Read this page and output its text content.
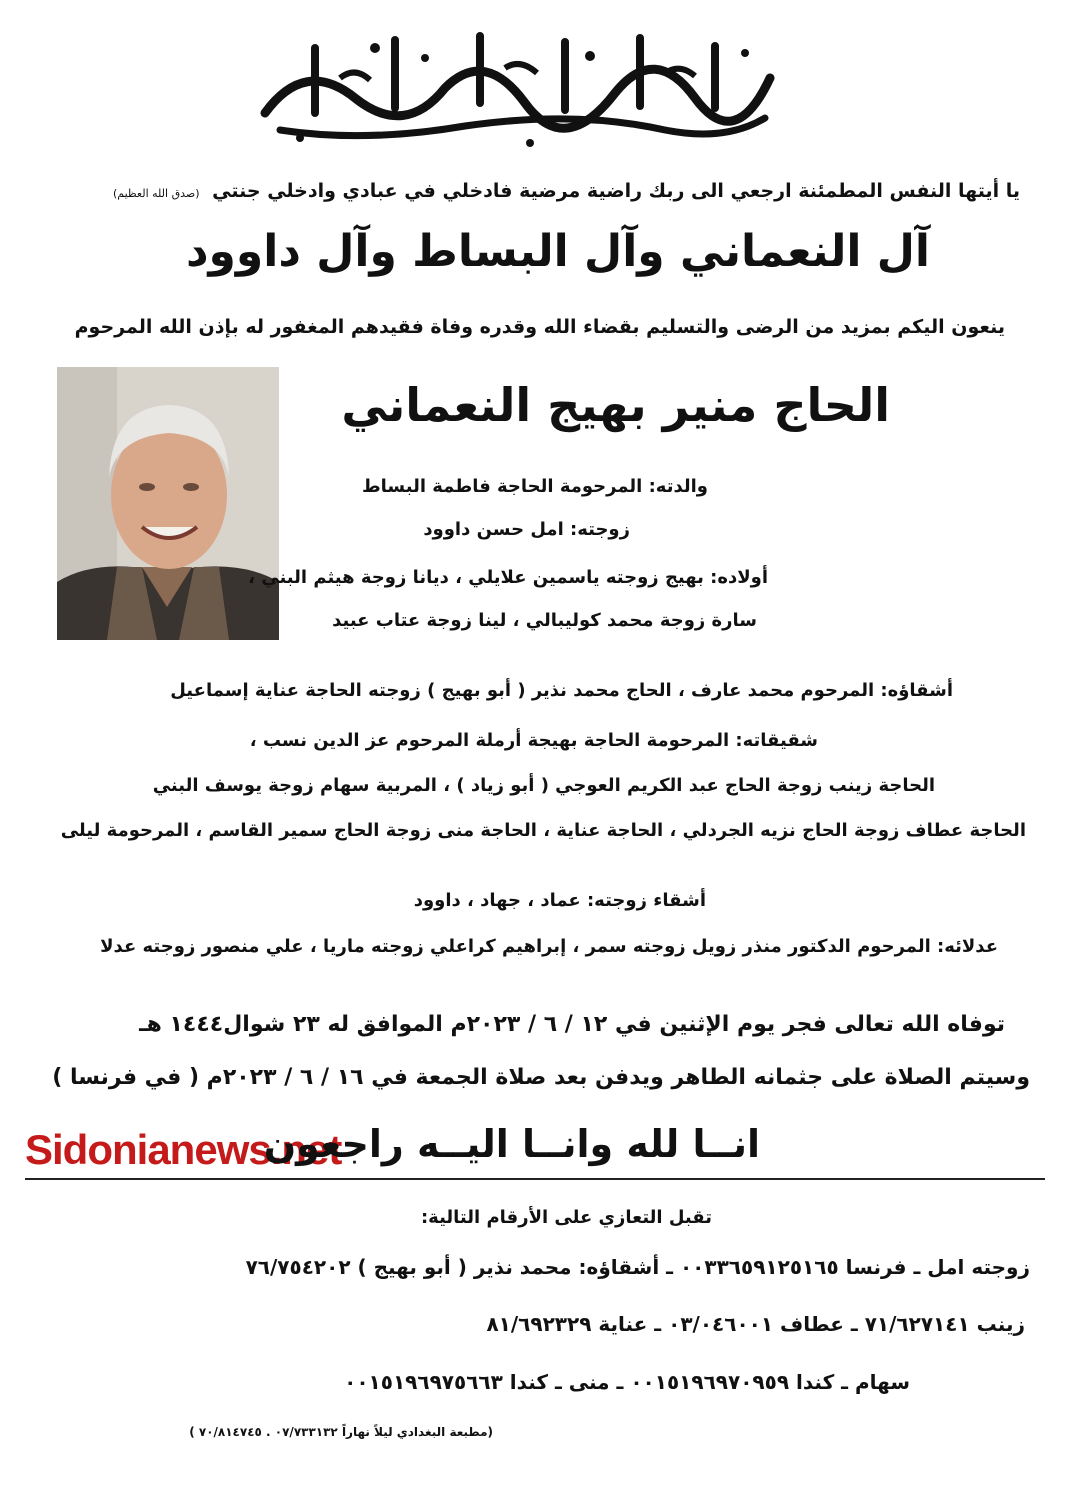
يا أيتها النفس المطمئنة ارجعي الى ربك راضية مرضية فادخلي في عبادي وادخلي جنتي (صدق الله العظيم)
آل النعماني وآل البساط وآل داوود
ينعون اليكم بمزيد من الرضى والتسليم بقضاء الله وقدره وفاة فقيدهم المغفور له بإذن الله المرحوم
الحاج منير بهيج النعماني
والدته: المرحومة الحاجة فاطمة البساط
زوجته: امل حسن داوود
أولاده: بهيج زوجته ياسمين علايلي ، ديانا زوجة هيثم البني ،
سارة زوجة محمد كوليبالي ، لينا زوجة عتاب عبيد
أشقاؤه: المرحوم محمد عارف ، الحاج محمد نذير ( أبو بهيج ) زوجته الحاجة عناية إسماعيل
شقيقاته: المرحومة الحاجة بهيجة أرملة المرحوم عز الدين نسب ،
الحاجة زينب زوجة الحاج عبد الكريم العوجي ( أبو زياد ) ، المربية سهام زوجة يوسف البني
الحاجة عطاف زوجة الحاج نزيه الجردلي ، الحاجة عناية ، الحاجة منى زوجة الحاج سمير القاسم ، المرحومة ليلى
أشقاء زوجته: عماد ، جهاد ، داوود
عدلائه: المرحوم الدكتور منذر زويل زوجته سمر ، إبراهيم كراعلي زوجته ماريا ، علي منصور زوجته عدلا
توفاه الله تعالى فجر يوم الإثنين في ١٢ / ٦ / ٢٠٢٣م الموافق له ٢٣ شوال١٤٤٤ هـ
وسيتم الصلاة على جثمانه الطاهر ويدفن بعد صلاة الجمعة في ١٦ / ٦ / ٢٠٢٣م ( في فرنسا )
Sidonianews.net
انــا لله وانــا اليــه راجعون
تقبل التعازي على الأرقام التالية:
زوجته امل ـ فرنسا ٠٠٣٣٦٥٩١٢٥١٦٥ ـ أشقاؤه: محمد نذير ( أبو بهيج ) ٧٦/٧٥٤٢٠٢
زينب ٧١/٦٢٧١٤١ ـ عطاف ٠٣/٠٤٦٠٠١ ـ عناية ٨١/٦٩٢٣٢٩
سهام ـ كندا ٠٠١٥١٩٦٩٧٠٩٥٩ ـ منى ـ كندا ٠٠١٥١٩٦٩٧٥٦٦٣
(مطبعة البغدادي ليلاً نهاراً ٠٧/٧٣٣١٣٢ . ٧٠/٨١٤٧٤٥ )
